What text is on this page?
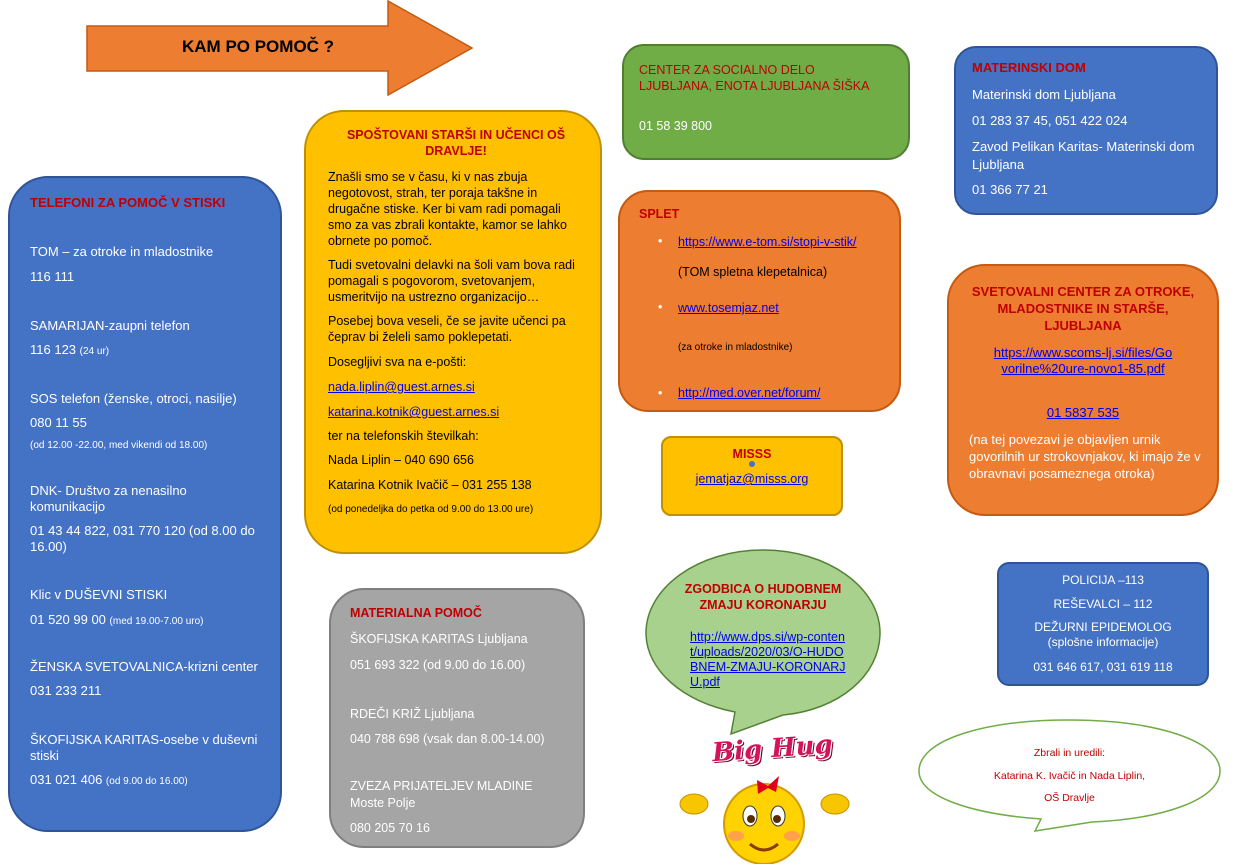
KAM PO POMOČ ?
TELEFONI ZA POMOČ V STISKI
TOM – za otroke in mladostnike
116 111
SAMARIJAN-zaupni telefon
116 123 (24 ur)
SOS telefon (ženske, otroci, nasilje)
080 11 55
(od 12.00 -22.00, med vikendi od 18.00)
DNK- Društvo za nenasilno komunikacijo
01 43 44 822, 031 770 120 (od 8.00 do 16.00)
Klic v DUŠEVNI STISKI
01 520 99 00 (med 19.00-7.00 uro)
ŽENSKA SVETOVALNICA-krizni center
031 233 211
ŠKOFIJSKA KARITAS-osebe v duševni stiski
031 021 406 (od 9.00 do 16.00)
SPOŠTOVANI STARŠI IN UČENCI OŠ DRAVLJE!
Znašli smo se v času, ki v nas zbuja negotovost, strah, ter poraja takšne in drugačne stiske. Ker bi vam radi pomagali smo za vas zbrali kontakte, kamor se lahko obrnete po pomoč.
Tudi svetovalni delavki na šoli vam bova radi pomagali s pogovorom, svetovanjem, usmeritvijo na ustrezno organizacijo…
Posebej bova veseli, če se javite učenci pa čeprav bi želeli samo poklepetati.
Dosegljivi sva na e-pošti:
nada.liplin@guest.arnes.si
katarina.kotnik@guest.arnes.si
ter na telefonskih številkah:
Nada Liplin – 040 690 656
Katarina Kotnik Ivačič – 031 255 138
(od ponedeljka do petka od 9.00 do 13.00 ure)
CENTER ZA SOCIALNO DELO LJUBLJANA, ENOTA LJUBLJANA ŠIŠKA
01 58 39 800
SPLET
• https://www.e-tom.si/stopi-v-stik/
(TOM spletna klepetalnica)
• www.tosemjaz.net
(za otroke in mladostnike)
• http://med.over.net/forum/
MISSS
jematjaz@misss.org
MATERIALNA POMOČ
ŠKOFIJSKA KARITAS Ljubljana
051 693 322 (od 9.00 do 16.00)
RDEČI KRIŽ Ljubljana
040 788 698 (vsak dan 8.00-14.00)
ZVEZA PRIJATELJEV MLADINE
Moste Polje
080 205 70 16
ZGODBICA O HUDOBNEM ZMAJU KORONARJU
http://www.dps.si/wp-content/uploads/2020/03/O-HUDOBNEM-ZMAJU-KORONARJU.pdf
Big Hug
MATERINSKI DOM
Materinski dom Ljubljana
01 283 37 45, 051 422 024
Zavod Pelikan Karitas- Materinski dom Ljubljana
01 366 77 21
SVETOVALNI CENTER ZA OTROKE, MLADOSTNIKE IN STARŠE, LJUBLJANA
https://www.scoms-lj.si/files/Govorilne%20ure-novo1-85.pdf
01 5837 535
(na tej povezavi je objavljen urnik govorilnih ur strokovnjakov, ki imajo že v obravnavi posameznega otroka)
POLICIJA –113
REŠEVALCI – 112
DEŽURNI EPIDEMOLOG
(splošne informacije)
031 646 617, 031 619 118
Zbrali in uredili:
Katarina K. Ivačič in Nada Liplin,
OŠ Dravlje
